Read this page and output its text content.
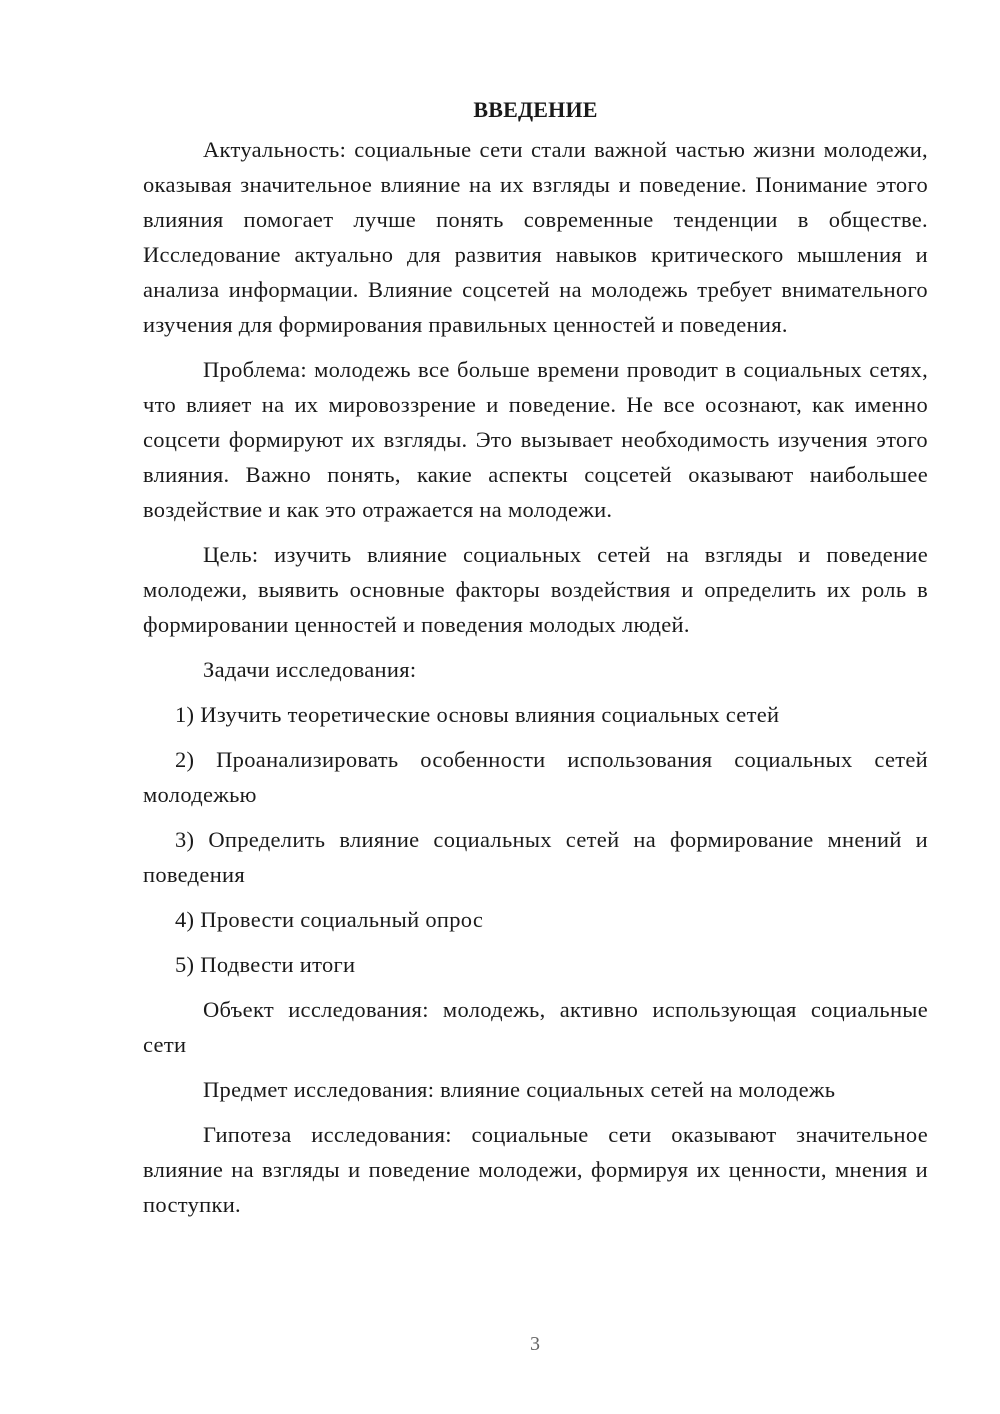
ВВЕДЕНИЕ

Актуальность: социальные сети стали важной частью жизни молодежи, оказывая значительное влияние на их взгляды и поведение. Понимание этого влияния помогает лучше понять современные тенденции в обществе. Исследование актуально для развития навыков критического мышления и анализа информации. Влияние соцсетей на молодежь требует внимательного изучения для формирования правильных ценностей и поведения.

Проблема: молодежь все больше времени проводит в социальных сетях, что влияет на их мировоззрение и поведение. Не все осознают, как именно соцсети формируют их взгляды. Это вызывает необходимость изучения этого влияния. Важно понять, какие аспекты соцсетей оказывают наибольшее воздействие и как это отражается на молодежи.

Цель: изучить влияние социальных сетей на взгляды и поведение молодежи, выявить основные факторы воздействия и определить их роль в формировании ценностей и поведения молодых людей.

Задачи исследования:

1) Изучить теоретические основы влияния социальных сетей

2) Проанализировать особенности использования социальных сетей молодежью

3) Определить влияние социальных сетей на формирование мнений и поведения

4) Провести социальный опрос

5) Подвести итоги

Объект исследования: молодежь, активно использующая социальные сети

Предмет исследования: влияние социальных сетей на молодежь

Гипотеза исследования: социальные сети оказывают значительное влияние на взгляды и поведение молодежи, формируя их ценности, мнения и поступки.

3
